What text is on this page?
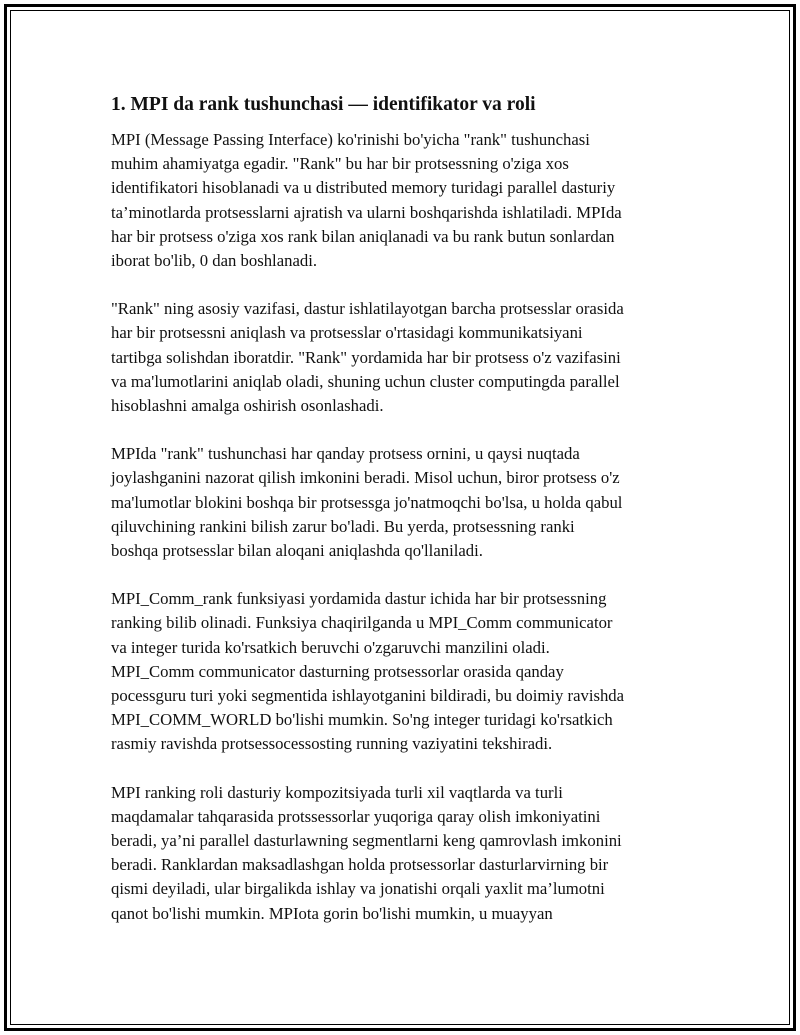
1. MPI da rank tushunchasi — identifikator va roli

MPI (Message Passing Interface) ko'rinishi bo'yicha "rank" tushunchasi
muhim ahamiyatga egadir. "Rank" bu har bir protsessning o'ziga xos
identifikatori hisoblanadi va u distributed memory turidagi parallel dasturiy
ta’minotlarda protsesslarni ajratish va ularni boshqarishda ishlatiladi. MPIda
har bir protsess o'ziga xos rank bilan aniqlanadi va bu rank butun sonlardan
iborat bo'lib, 0 dan boshlanadi.

"Rank" ning asosiy vazifasi, dastur ishlatilayotgan barcha protsesslar orasida
har bir protsessni aniqlash va protsesslar o'rtasidagi kommunikatsiyani
tartibga solishdan iboratdir. "Rank" yordamida har bir protsess o'z vazifasini
va ma'lumotlarini aniqlab oladi, shuning uchun cluster computingda parallel
hisoblashni amalga oshirish osonlashadi.

MPIda "rank" tushunchasi har qanday protsess ornini, u qaysi nuqtada
joylashganini nazorat qilish imkonini beradi. Misol uchun, biror protsess o'z
ma'lumotlar blokini boshqa bir protsessga jo'natmoqchi bo'lsa, u holda qabul
qiluvchining rankini bilish zarur bo'ladi. Bu yerda, protsessning ranki
boshqa protsesslar bilan aloqani aniqlashda qo'llaniladi.

MPI_Comm_rank funksiyasi yordamida dastur ichida har bir protsessning
ranking bilib olinadi. Funksiya chaqirilganda u MPI_Comm communicator
va integer turida ko'rsatkich beruvchi o'zgaruvchi manzilini oladi.
MPI_Comm communicator dasturning protsessorlar orasida qanday
pocessguru turi yoki segmentida ishlayotganini bildiradi, bu doimiy ravishda
MPI_COMM_WORLD bo'lishi mumkin. So'ng integer turidagi ko'rsatkich
rasmiy ravishda protsessocessosting running vaziyatini tekshiradi.

MPI ranking roli dasturiy kompozitsiyada turli xil vaqtlarda va turli
maqdamalar tahqarasida protssessorlar yuqoriga qaray olish imkoniyatini
beradi, ya’ni parallel dasturlawning segmentlarni keng qamrovlash imkonini
beradi. Ranklardan maksadlashgan holda protsessorlar dasturlarvirning bir
qismi deyiladi, ular birgalikda ishlay va jonatishi orqali yaxlit ma’lumotni
qanot bo'lishi mumkin. MPIota gorin bo'lishi mumkin, u muayyan
